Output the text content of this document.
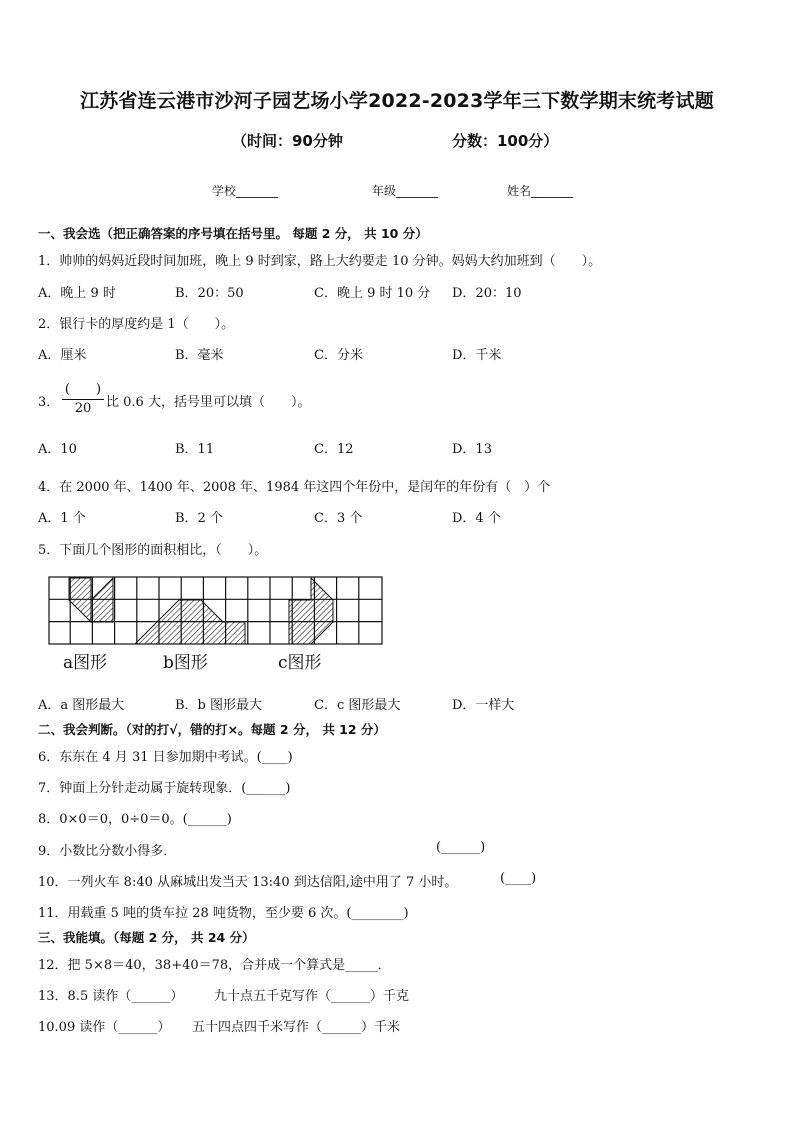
江苏省连云港市沙河子园艺场小学2022-2023学年三下数学期末统考试题
（时间：90分钟	分数：100分）
学校_______	年级_______	姓名_______
一、我会选（把正确答案的序号填在括号里。 每题 2 分， 共 10 分）
1．帅帅的妈妈近段时间加班，晚上 9 时到家，路上大约要走 10 分钟。妈妈大约加班到（　　）。
A．晚上 9 时	B．20：50	C．晚上 9 时 10 分 D．20：10
2．银行卡的厚度约是 1（　　）。
A．厘米	B．毫米	C．分米	D．千米
3．
(　　)
20	比 0.6 大，括号里可以填（　　）。
A．10	B．11	C．12	D．13
4．在 2000 年、1400 年、2008 年、1984 年这四个年份中，是闰年的年份有（　）个
A．1 个	B．2 个	C．3 个	D．4 个
5．下面几个图形的面积相比，（　　）。
a图形	b图形	c图形
A．a 图形最大	B．b 图形最大	C．c 图形最大	D．一样大
二、我会判断。（对的打√，错的打×。每题 2 分， 共 12 分）
6．东东在 4 月 31 日参加期中考试。(____)
7．钟面上分针走动属于旋转现象．(______)
8．0×0＝0，0÷0＝0。(______)
9．小数比分数小得多．	(______)
10．一列火车 8:40 从麻城出发当天 13:40 到达信阳,途中用了 7 小时。	(____)
11．用载重 5 吨的货车拉 28 吨货物，至少要 6 次。(________)
三、我能填。（每题 2 分， 共 24 分）
12．把 5×8＝40，38+40＝78，合并成一个算式是_____．
13．8.5 读作（______） 九十点五千克写作（______）千克
10.09 读作（______） 五十四点四千米写作（______）千米
